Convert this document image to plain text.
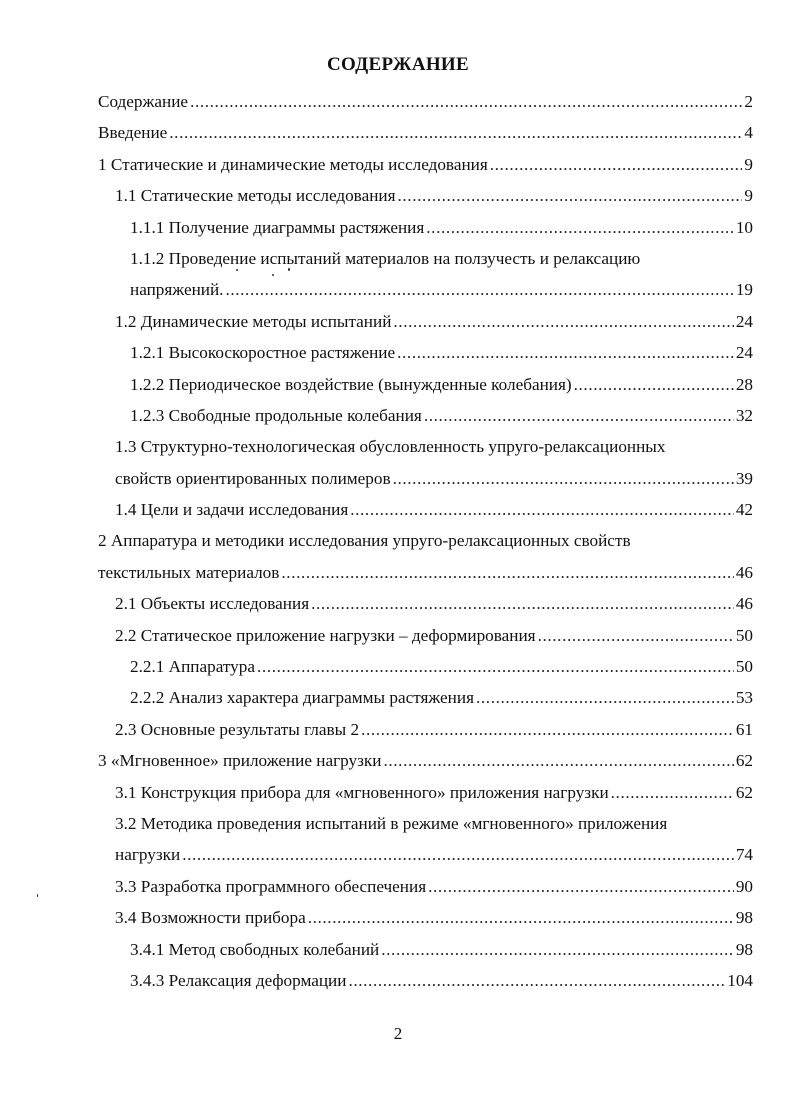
СОДЕРЖАНИЕ
Содержание .....	2
Введение .....	4
1 Статические и динамические методы исследования .....	9
1.1 Статические методы исследования .....	9
1.1.1 Получение диаграммы растяжения .....	10
1.1.2 Проведение испытаний материалов на ползучесть и релаксацию
напряжений. .....	19
1.2 Динамические методы испытаний .....	24
1.2.1 Высокоскоростное растяжение .....	24
1.2.2 Периодическое воздействие (вынужденные колебания) .....	28
1.2.3 Свободные продольные колебания .....	32
1.3 Структурно-технологическая обусловленность упруго-релаксационных
свойств ориентированных полимеров .....	39
1.4 Цели и задачи исследования .....	42
2 Аппаратура и методики исследования упруго-релаксационных свойств
текстильных материалов .....	46
2.1 Объекты исследования .....	46
2.2 Статическое приложение нагрузки – деформирования .....	50
2.2.1 Аппаратура .....	50
2.2.2 Анализ характера диаграммы растяжения .....	53
2.3 Основные результаты главы 2 .....	61
3 «Мгновенное» приложение нагрузки .....	62
3.1 Конструкция прибора для «мгновенного» приложения нагрузки .....	62
3.2 Методика проведения испытаний в режиме «мгновенного» приложения
нагрузки .....	74
3.3 Разработка программного обеспечения .....	90
3.4 Возможности прибора .....	98
3.4.1 Метод свободных колебаний .....	98
3.4.3 Релаксация деформации .....	104
2
